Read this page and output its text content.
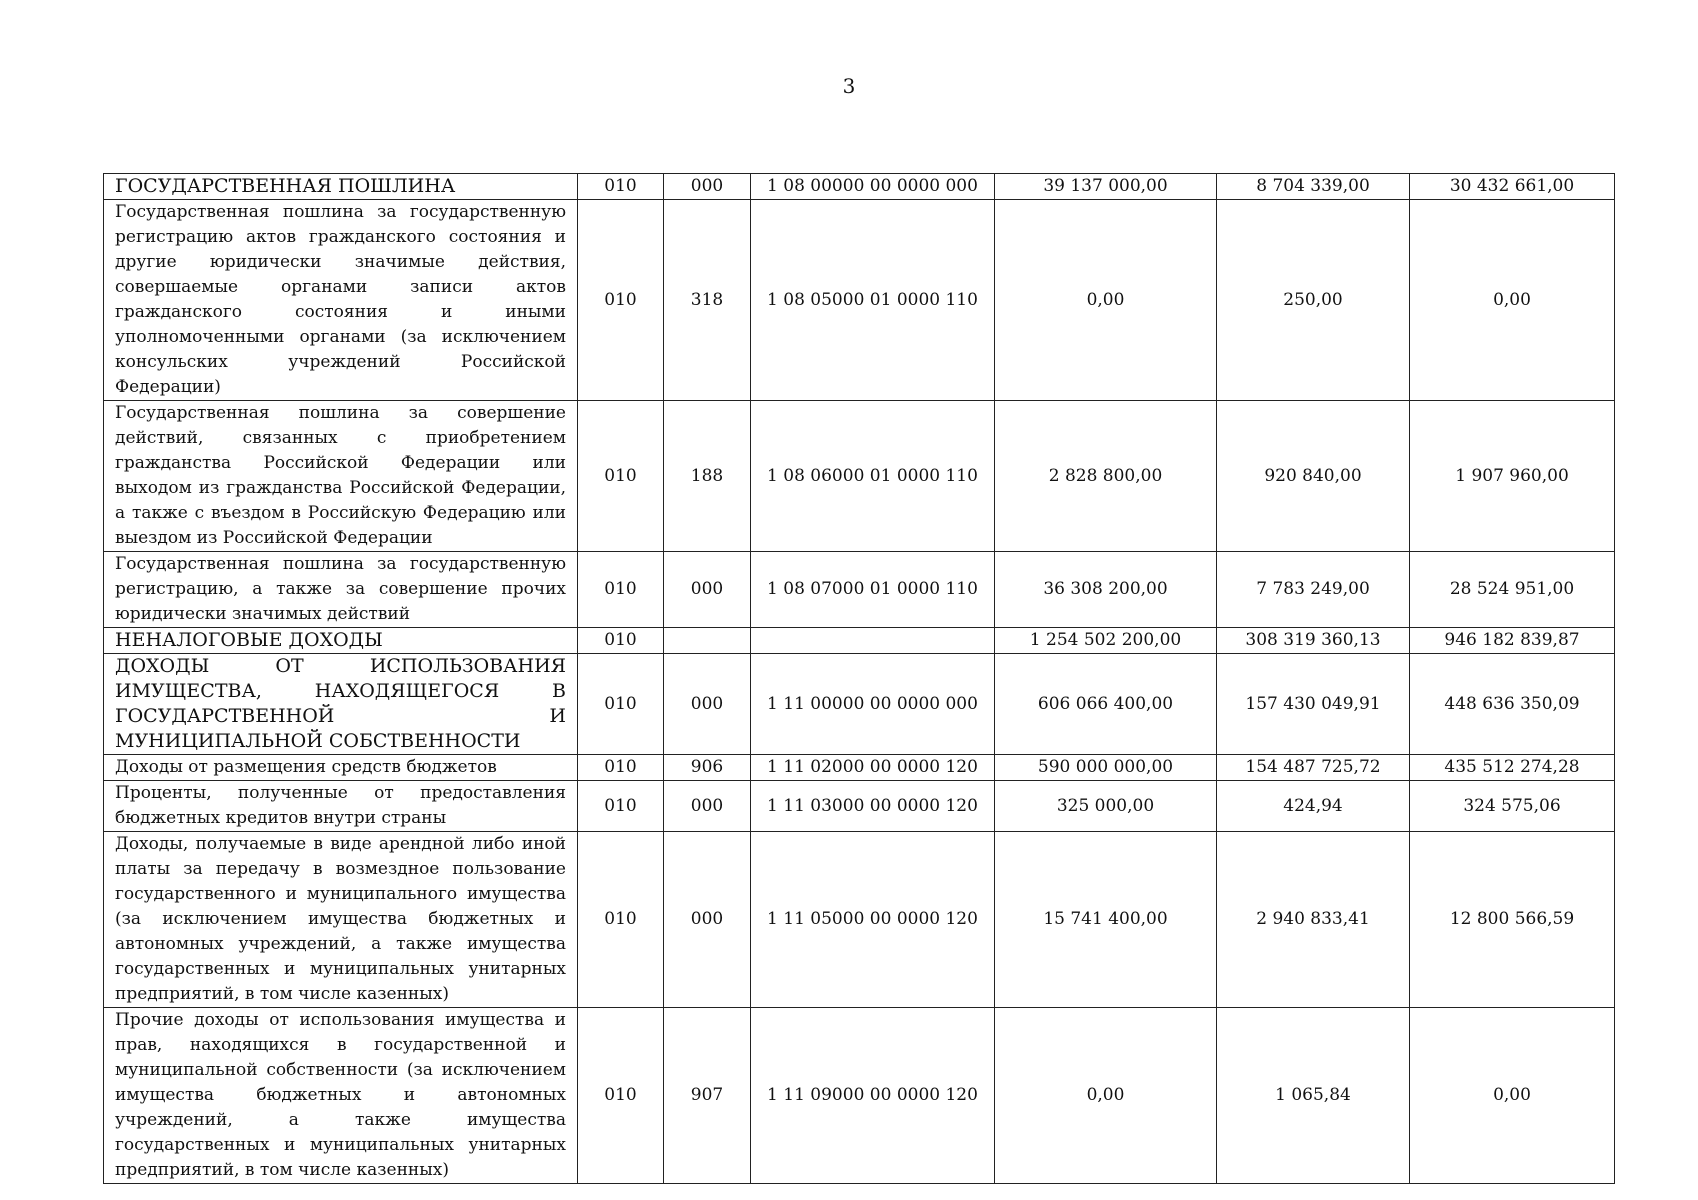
3
ГОСУДАРСТВЕННАЯ ПОШЛИНА	010	000	1 08 00000 00 0000 000	39 137 000,00	8 704 339,00	30 432 661,00
Государственная пошлина за государственную регистрацию актов гражданского состояния и другие юридически значимые действия, совершаемые органами записи актов гражданского состояния и иными уполномоченными органами (за исключением консульских учреждений Российской Федерации)	010	318	1 08 05000 01 0000 110	0,00	250,00	0,00
Государственная пошлина за совершение действий, связанных с приобретением гражданства Российской Федерации или выходом из гражданства Российской Федерации, а также с въездом в Российскую Федерацию или выездом из Российской Федерации	010	188	1 08 06000 01 0000 110	2 828 800,00	920 840,00	1 907 960,00
Государственная пошлина за государственную регистрацию, а также за совершение прочих юридически значимых действий	010	000	1 08 07000 01 0000 110	36 308 200,00	7 783 249,00	28 524 951,00
НЕНАЛОГОВЫЕ ДОХОДЫ	010			1 254 502 200,00	308 319 360,13	946 182 839,87
ДОХОДЫ ОТ ИСПОЛЬЗОВАНИЯ ИМУЩЕСТВА, НАХОДЯЩЕГОСЯ В ГОСУДАРСТВЕННОЙ И МУНИЦИПАЛЬНОЙ СОБСТВЕННОСТИ	010	000	1 11 00000 00 0000 000	606 066 400,00	157 430 049,91	448 636 350,09
Доходы от размещения средств бюджетов	010	906	1 11 02000 00 0000 120	590 000 000,00	154 487 725,72	435 512 274,28
Проценты, полученные от предоставления бюджетных кредитов внутри страны	010	000	1 11 03000 00 0000 120	325 000,00	424,94	324 575,06
Доходы, получаемые в виде арендной либо иной платы за передачу в возмездное пользование государственного и муниципального имущества (за исключением имущества бюджетных и автономных учреждений, а также имущества государственных и муниципальных унитарных предприятий, в том числе казенных)	010	000	1 11 05000 00 0000 120	15 741 400,00	2 940 833,41	12 800 566,59
Прочие доходы от использования имущества и прав, находящихся в государственной и муниципальной собственности (за исключением имущества бюджетных и автономных учреждений, а также имущества государственных и муниципальных унитарных предприятий, в том числе казенных)	010	907	1 11 09000 00 0000 120	0,00	1 065,84	0,00
